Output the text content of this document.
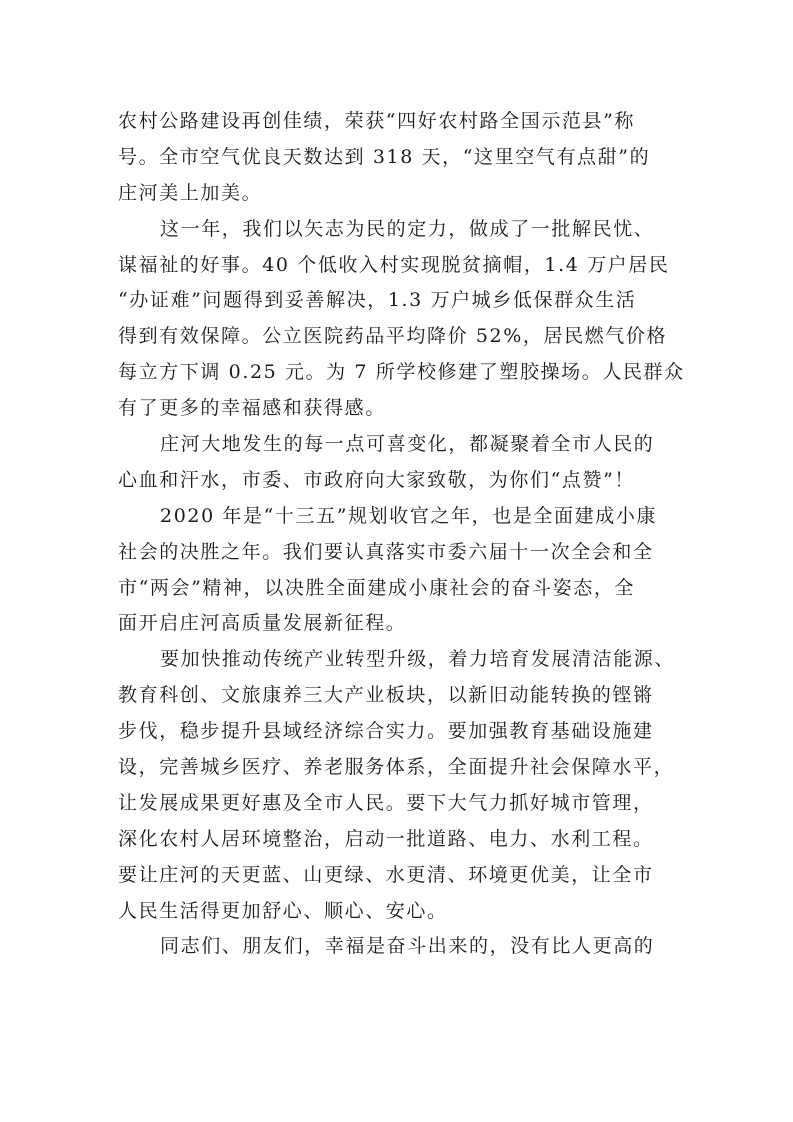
农村公路建设再创佳绩，荣获“四好农村路全国示范县”称
号。全市空气优良天数达到 318 天，“这里空气有点甜”的
庄河美上加美。
这一年，我们以矢志为民的定力，做成了一批解民忧、
谋福祉的好事。40 个低收入村实现脱贫摘帽，1.4 万户居民
“办证难”问题得到妥善解决，1.3 万户城乡低保群众生活
得到有效保障。公立医院药品平均降价 52%，居民燃气价格
每立方下调 0.25 元。为 7 所学校修建了塑胶操场。人民群众
有了更多的幸福感和获得感。
庄河大地发生的每一点可喜变化，都凝聚着全市人民的
心血和汗水，市委、市政府向大家致敬，为你们“点赞”！
2020 年是“十三五”规划收官之年，也是全面建成小康
社会的决胜之年。我们要认真落实市委六届十一次全会和全
市“两会”精神，以决胜全面建成小康社会的奋斗姿态，全
面开启庄河高质量发展新征程。
要加快推动传统产业转型升级，着力培育发展清洁能源、
教育科创、文旅康养三大产业板块，以新旧动能转换的铿锵
步伐，稳步提升县域经济综合实力。要加强教育基础设施建
设，完善城乡医疗、养老服务体系，全面提升社会保障水平，
让发展成果更好惠及全市人民。要下大气力抓好城市管理，
深化农村人居环境整治，启动一批道路、电力、水利工程。
要让庄河的天更蓝、山更绿、水更清、环境更优美，让全市
人民生活得更加舒心、顺心、安心。
同志们、朋友们，幸福是奋斗出来的，没有比人更高的
